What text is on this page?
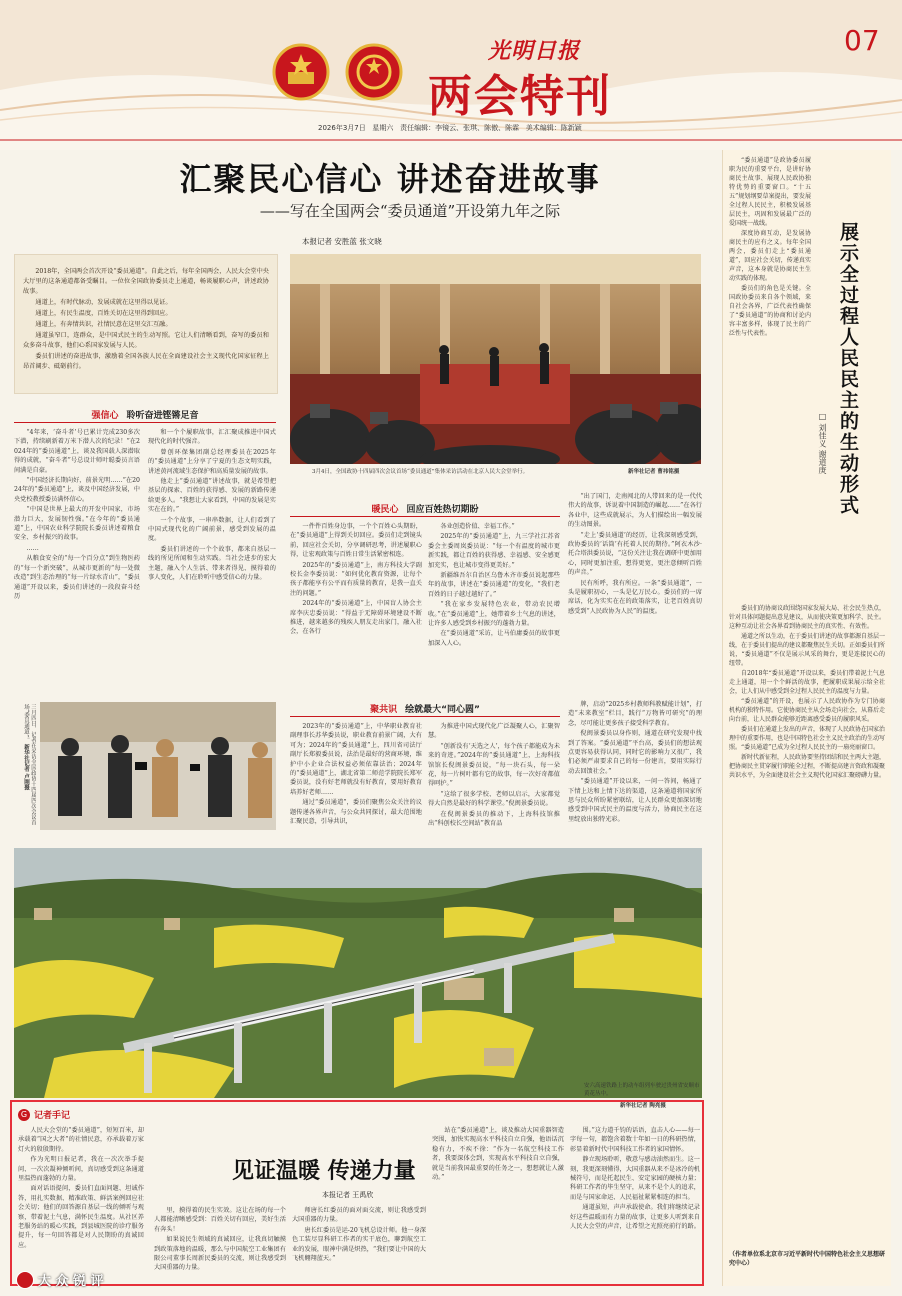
光明日报
两会特刊
07
2026年3月7日 星期六 责任编辑：李镜云、张琪、陈傲、陈霖 美术编辑：陈新颖
汇聚民心信心 讲述奋进故事
——写在全国两会“委员通道”开设第九年之际
本报记者 安胜蓝 张文晓

2018年，全国两会首次开设“委员通道”。自此之后，每年全国两会，人民大会堂中央大厅里的这条通道都备受瞩目。一位位全国政协委员走上通道，畅谈履职心声，讲述政协故事。

通道上，有时代脉动，发展成就在这里得以见证。

通道上，有民生温度，百姓关切在这里得到回应。

通道上，有奔情共识，社情民意在这里交汇互融。

通道虽窄口，连群众，是中国式民主的生动写照。它让人们清晰看到，奋写的委员和众多奋斗故事，他们心系国家发展与人民。

委员们讲述的奋进故事，激励着全国各族人民在全面建设社会主义现代化国家征程上昂首阔步、砥砺前行。

3月4日，全国政协十四届四次会议首场“委员通道”集体采访活动在北京人民大会堂举行。	新华社记者 曹祎铭摄
强信心 聆听奋进铿锵足音

“4年来，‘奋斗者’号已累计完成230多次下潜，持续刷新着万米下潜人次的纪录！”在2024年的“委员通道”上，谈及我国载人深潜取得的成就，“奋斗者”号总设计师叶聪委员言语间满是自豪。

“中国经济长期向好，前景光明……”在2024年的“委员通道”上，谈及中国经济发展，中央党校教授委员满怀信心。

“中国是世界上最大的开发中国家，市场潜力巨大，发展韧性强。”在今年的“委员通道”上，中国农业科学院院长委员讲述着粮食安全、乡村振兴的故事。

……

从粮食安全的“每一个百分点”到生物医药的“每一个新突破”，从城市更新的“每一处微改造”到生态治理的“每一片绿水青山”，“委员通道”开设以来，委员们讲述的一段段奋斗经历

和一个个履职故事，汇汇聚成推进中国式现代化的时代强音。

曾创环保集团副总经理委员在2025年的“委员通道”上分享了宁夏的生态文明实践，讲述黄河流域生态保护和高质量发展的故事。

他走上“委员通道”讲述故事，就是希望把基层的探索、百姓的获得感、发展的新路传递给更多人。“我想让大家看到，中国的发展是实实在在的。”

一个个故事，一串串数据，让人们看到了中国式现代化的广阔前景，感受到发展的温度。

委员们讲述的一个个故事，都来自基层一线的所见所闻和生动实践。当社会进步的宏大主题，融入个人生活、带来者得见、摸得着的事人变化，人们在聆听中感受信心的力量。

暖民心 回应百姓热切期盼

一件件百姓身边事，一个个百姓心头期盼，在“委员通道”上得到关切回应。委员们走到镜头前，回应社会关切，分享调研思考，讲述履职心得，让宏观政策与百姓日常生活紧密相连。

2025年的“委员通道”上，南方科技大学副校长金李委员说：“如何优化教育资源，让每个孩子都能享有公平而有质量的教育，是我一直关注的问题。”

2024年的“委员通道”上，中国盲人协会主席李庆忠委员说：“得益于无障碍环境建设不断推进，越来越多的残疾人朋友走出家门，融入社会，在各行

各业创造价值、幸福工作。”

2025年的“委员通道”上，九三学社江苏省委会主委周岚委员说：“每一个有温度的城市更新实践，都让百姓的获得感、幸福感、安全感更加充实，也让城市变得更美好。”

新疆维吾尔自治区乌鲁木齐市委员说起那些年的故事，讲述在“委员通道”的变化，“我们老百姓的日子越过越好了。”

“我在家乡发展特色农业，带动农民增收。”在“委员通道”上，她带着乡土气息的讲述，让许多人感受到乡村振兴的蓬勃力量。

在“委员通道”采访，让马伯庸委员的故事更加深入人心。

“出了国门，走南闯北的人带回来的是一代代伟大的故事，诉说着中国制造的崛起……”在各行各业中，这些成就展示，为人们描绘出一幅发展的生动图景。

“走上‘委员通道’的经历，让我深刻感受到，政协委员的‘话筒’有托着人民的期待。”阿衣木沙·托合塔洪委员说，“这份关注让我在调研中更加用心，同时更加注重，想得更宽，更注意倾听百姓的声音。”

民有所呼，我有所应。一条“委员通道”，一头是履职初心，一头是亿万民心。委员们的一席席话，化为实实在在的政策落实，让老百姓真切感受到“人民政协为人民”的温度。

三月四日，记者在采访全国政协十四届四次会议首场“委员通道”。 新华社记者 卢刚摄
聚共识 绘就最大“同心圆”

2023年的“委员通道”上，中华职业教育社副理事长苏华委员说，职业教育前景广阔，大有可为；2024年的“委员通道”上，四川省司法厅副厅长郑毅委员说，法治是最好的营商环境，维护中小企业合法权益必须依靠法治；2024年的“委员通道”上，湖北省第二师范学院院长郑军委员说，没有好老师就没有好教育，要用好教育培养好老师……

通过“委员通道”，委员们聚焦公众关注的议题传递各界声音，与公众共同探讨，最大范围地汇聚民意，引导共识，

为推进中国式现代化广泛凝聚人心，汇聚智慧。

“创新没有‘天选之人’，每个孩子都能成为未来的奇迹。”2024年的“委员通道”上，上海科技馆馆长倪闽景委员说，“每一块石头，每一朵花，每一片树叶都有它的故事，每一次好奇都值得呵护。”

“这给了很多学校、老师以启示，大家都觉得大自然是最好的科学课堂。”倪闽景委员说。

在倪闽景委员的推动下，上海科技馆推出“科创校长空间站”教育品

牌，启动“2025乡村教师科教赋能计划”，打造“未来教室”栏目，践行“万物皆可研究”的理念，尽可能让更多孩子接受科学教育。

倪闽景委员以身作则，通道在研究发现中找到了答案。“委员通道”平台高，委员们的想法观点更容易获得认同，同时它的影响力又很广，我们必须严肃要求自己的每一份建言，要用实际行动去回馈社会。”

“委员通道”开设以来，一问一答间，畅通了下情上达和上情下达的渠道，这条通道将国家所思与民众所盼紧密联结，让人民群众更加深切地感受到中国式民主的温度与活力，协商民主在这里绽放出独特光彩。

安六高速铁路上的动车组列车驶过贵州省安顺市黄花丛中。
新华社记者 陶亮摄
G 记者手记

人民大会堂的“委员通道”，短短百米，却承载着“国之大者”的社情民意，亦承载着万家灯火的殷殷期待。

作为光明日报记者，我在一次次举手提问、一次次凝神倾听间，真切感受到这条通道里温热而蓬勃的力量。

面对话语提问，委员们直面问题、坦诚作答，用扎实数据、精准政策、鲜活案例回应社会关切；他们的回答源自基层一线的倾听与观察，带着泥土气息，满怀民生温度。从社区养老服务站的暖心实践，到县城医院的诊疗服务提升，每一句回答都是对人民期盼的真诚回应。

见证温暖 传递力量
本报记者 王禹欣

里，摸得着的民生实效。这让在场的每一个人都能清晰感受到：百姓关切有回应，美好生活有奔头！

如果说民生领域的真诚回应，让我真切触摸到政策落地的温暖，那么与中国航空工业集团有限公司董事长周新民委员的交流，则让我感受到大国重器的力量。

师唐长红委员的面对面交流，则让我感受到大国重器的力量。

唐长红委员是运-20飞机总设计师。他一身深色工装尽显科研工作者的实干底色，聊到航空工业的发展，眼神中满是炽热，“我们要让中国的大飞机翱翔蓝天。”

站在“委员通道”上，谈及推动大国重器智造突围，加快实现高水平科技自立自强，他语话沉稳有力，不疾不徐：“作为一名航空科技工作者，我要深体会到，实现高水平科技自立自强，就是当前我国最重要的任务之一，想想就让人激动。”

围。”这力道千钧的话语，直击人心——每一字每一句，都饱含着数十年如一日的科研热情，彰显着新时代中国科技工作者的家国情怀。

静立现场聆听，敬意与感动油然而生。这一刻，我更深刻懂得，大国重器从来不是冰冷的机械符号，而是托起民生、安定家园的硬核力量；科研工作者的毕生坚守，从来不是个人的追求，而是与国家命运、人民福祉紧紧相连的担当。

通道虽短，声声承载使命。我们将继续记录好这些温暖而有力量的故事，让更多人听到来自人民大会堂的声音，让希望之光照亮前行的路。

大 众 锐 评
展示全过程人民民主的生动形式
□ 刘佳义 谢道庚

“委员通道”是政协委员履职为民的重要平台，是讲好协商民主故事、展现人民政协独特优势的重要窗口。“十五五”规划纲要草案提出，要发展全过程人民民主，积极发展基层民主，巩固和发展最广泛的爱国统一战线。

深度协商互动，是发展协商民主的应有之义。每年全国两会，委员们走上“委员通道”，回应社会关切，传递真实声音，这本身就是协商民主生动实践的体现。

委员们的角色是关键。全国政协委员来自各个领域，来自社会各界，广泛代表性确保了“委员通道”的协商和讨论内容丰富多样，体现了民主的广泛性与代表性。

委员们的协商议政围绕国家发展大局、社会民生热点，针对具体问题提出意见建议，从而使决策更加科学、民主。这种互动让社会各界看到协商民主的真实性、有效性。

通道之所以生动，在于委员们讲述的故事都源自基层一线，在于委员们提出的建议都聚焦民生关切。正如委员们所说，“委员通道”不仅是展示风采的舞台，更是连接民心的纽带。

自2018年“委员通道”开设以来，委员们带着泥土气息走上通道，用一个个鲜活的故事，把履职成果展示给全社会，让人们从中感受到全过程人民民主的温度与力量。

“委员通道”的开设，也展示了人民政协作为专门协商机构的独特作用。它使协商民主从会场走向社会，从幕后走向台前，让人民群众能够近距离感受委员的履职风采。

委员们在通道上发出的声音，体现了人民政协在国家治理中的重要作用，也是中国特色社会主义民主政治的生动写照。“委员通道”已成为全过程人民民主的一扇亮丽窗口。

新时代新征程，人民政协要坚持团结和民主两大主题，把协商民主贯穿履行职能全过程，不断提高建言资政和凝聚共识水平，为全面建设社会主义现代化国家汇聚磅礴力量。

（作者单位系北京市习近平新时代中国特色社会主义思想研究中心）
